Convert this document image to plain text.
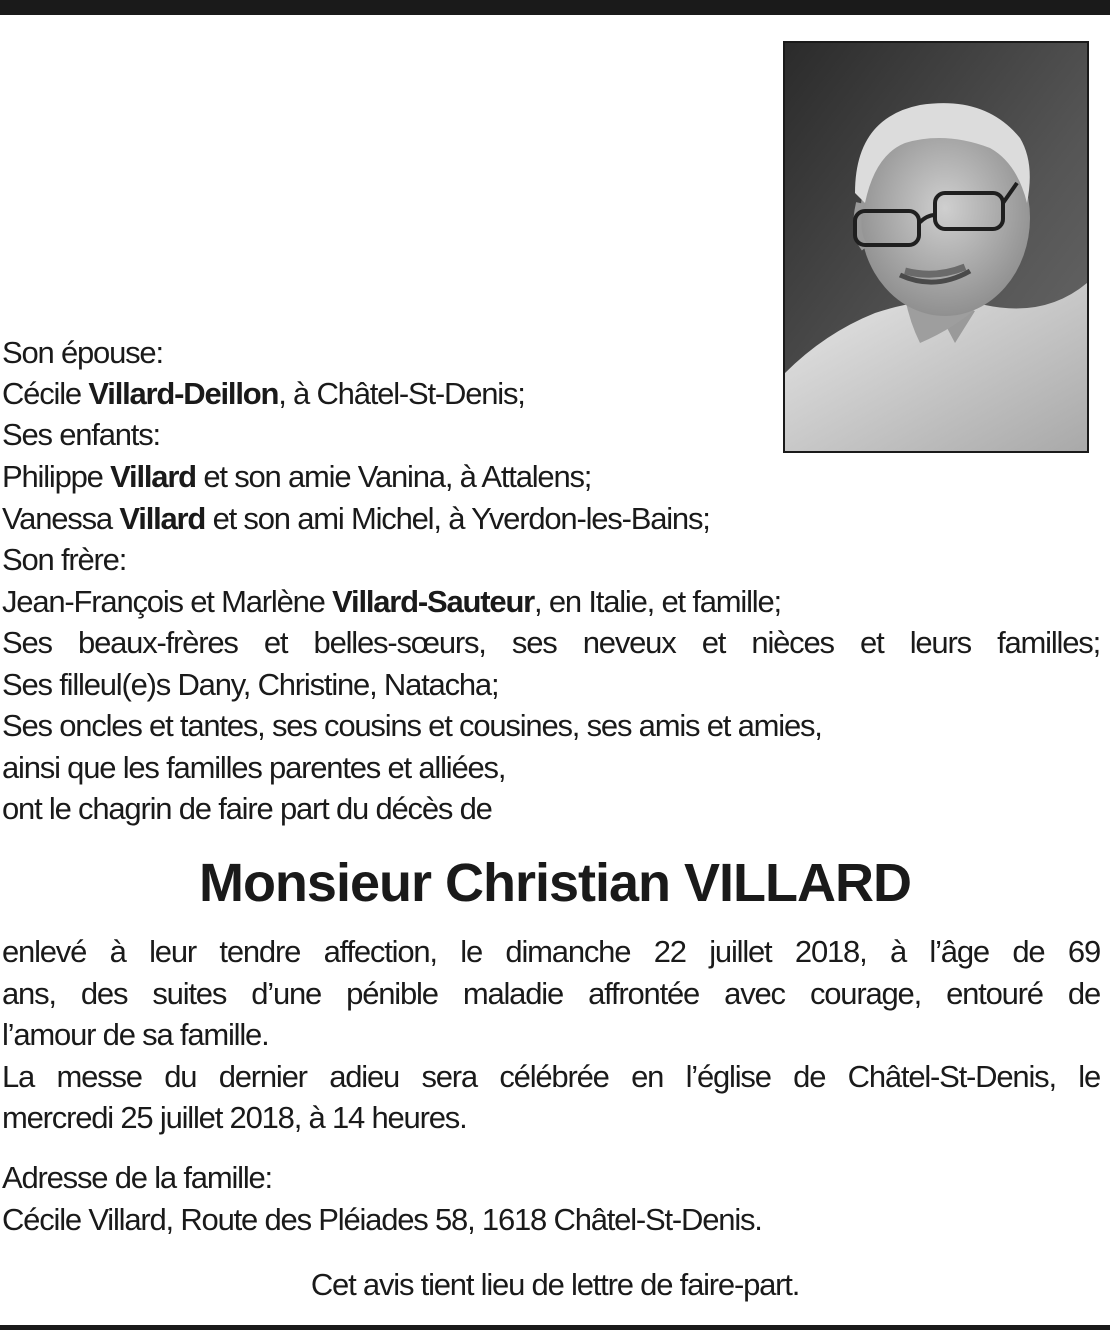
Son épouse:
Cécile Villard-Deillon, à Châtel-St-Denis;
Ses enfants:
Philippe Villard et son amie Vanina, à Attalens;
Vanessa Villard et son ami Michel, à Yverdon-les-Bains;
Son frère:
Jean-François et Marlène Villard-Sauteur, en Italie, et famille;
Ses beaux-frères et belles-sœurs, ses neveux et nièces et leurs familles;
Ses filleul(e)s Dany, Christine, Natacha;
Ses oncles et tantes, ses cousins et cousines, ses amis et amies,
ainsi que les familles parentes et alliées,
ont le chagrin de faire part du décès de
Monsieur Christian VILLARD
enlevé à leur tendre affection, le dimanche 22 juillet 2018, à l’âge de 69
ans, des suites d’une pénible maladie affrontée avec courage, entouré de
l’amour de sa famille.
La messe du dernier adieu sera célébrée en l’église de Châtel-St-Denis, le
mercredi 25 juillet 2018, à 14 heures.
Adresse de la famille:
Cécile Villard, Route des Pléiades 58, 1618 Châtel-St-Denis.
Cet avis tient lieu de lettre de faire-part.
